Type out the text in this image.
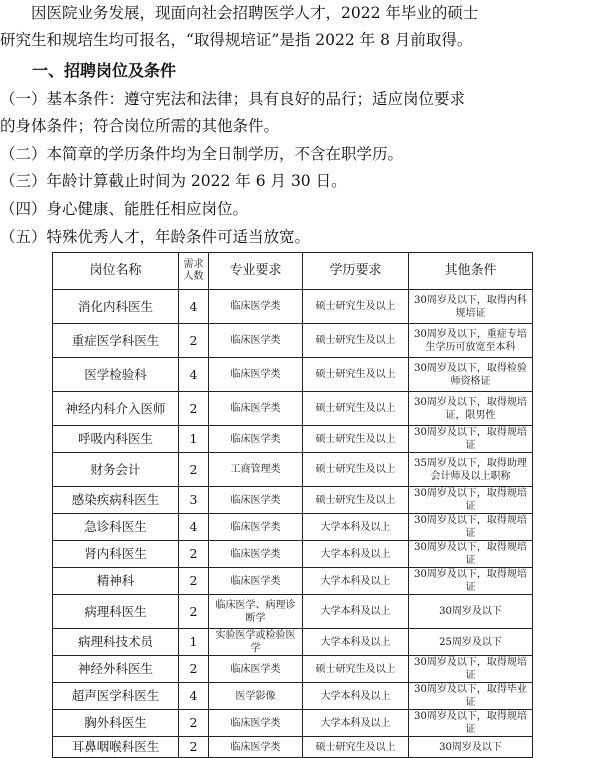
　　因医院业务发展，现面向社会招聘医学人才，2022 年毕业的硕士

研究生和规培生均可报名，“取得规培证”是指 2022 年 8 月前取得。

　　一、招聘岗位及条件

（一）基本条件：遵守宪法和法律；具有良好的品行；适应岗位要求

的身体条件；符合岗位所需的其他条件。

（二）本简章的学历条件均为全日制学历，不含在职学历。

（三）年龄计算截止时间为 2022 年 6 月 30 日。

（四）身心健康、能胜任相应岗位。

（五）特殊优秀人才，年龄条件可适当放宽。

岗位名称	需求人数	专业要求	学历要求	其他条件
消化内科医生	4	临床医学类	硕士研究生及以上	30周岁及以下，取得内科规培证
重症医学科医生	2	临床医学类	硕士研究生及以上	30周岁及以下，重症专培生学历可放宽至本科
医学检验科	4	临床医学类	硕士研究生及以上	30周岁及以下，取得检验师资格证
神经内科介入医师	2	临床医学类	硕士研究生及以上	30周岁及以下，取得规培证，限男性
呼吸内科医生	1	临床医学类	硕士研究生及以上	30周岁及以下，取得规培证
财务会计	2	工商管理类	硕士研究生及以上	35周岁及以下，取得助理会计师及以上职称
感染疾病科医生	3	临床医学类	硕士研究生及以上	30周岁及以下，取得规培证
急诊科医生	4	临床医学类	大学本科及以上	30周岁及以下，取得规培证
肾内科医生	2	临床医学类	大学本科及以上	30周岁及以下，取得规培证
精神科	2	临床医学类	大学本科及以上	30周岁及以下，取得规培证
病理科医生	2	临床医学、病理诊断学	大学本科及以上	30周岁及以下
病理科技术员	1	实验医学或检验医学	大学本科及以上	25周岁及以下
神经外科医生	2	临床医学类	硕士研究生及以上	30周岁及以下，取得规培证
超声医学科医生	4	医学影像	大学本科及以上	30周岁及以下，取得毕业证
胸外科医生	2	临床医学类	大学本科及以上	30周岁及以下，取得规培证
耳鼻咽喉科医生	2	临床医学类	硕士研究生及以上	30周岁及以下
